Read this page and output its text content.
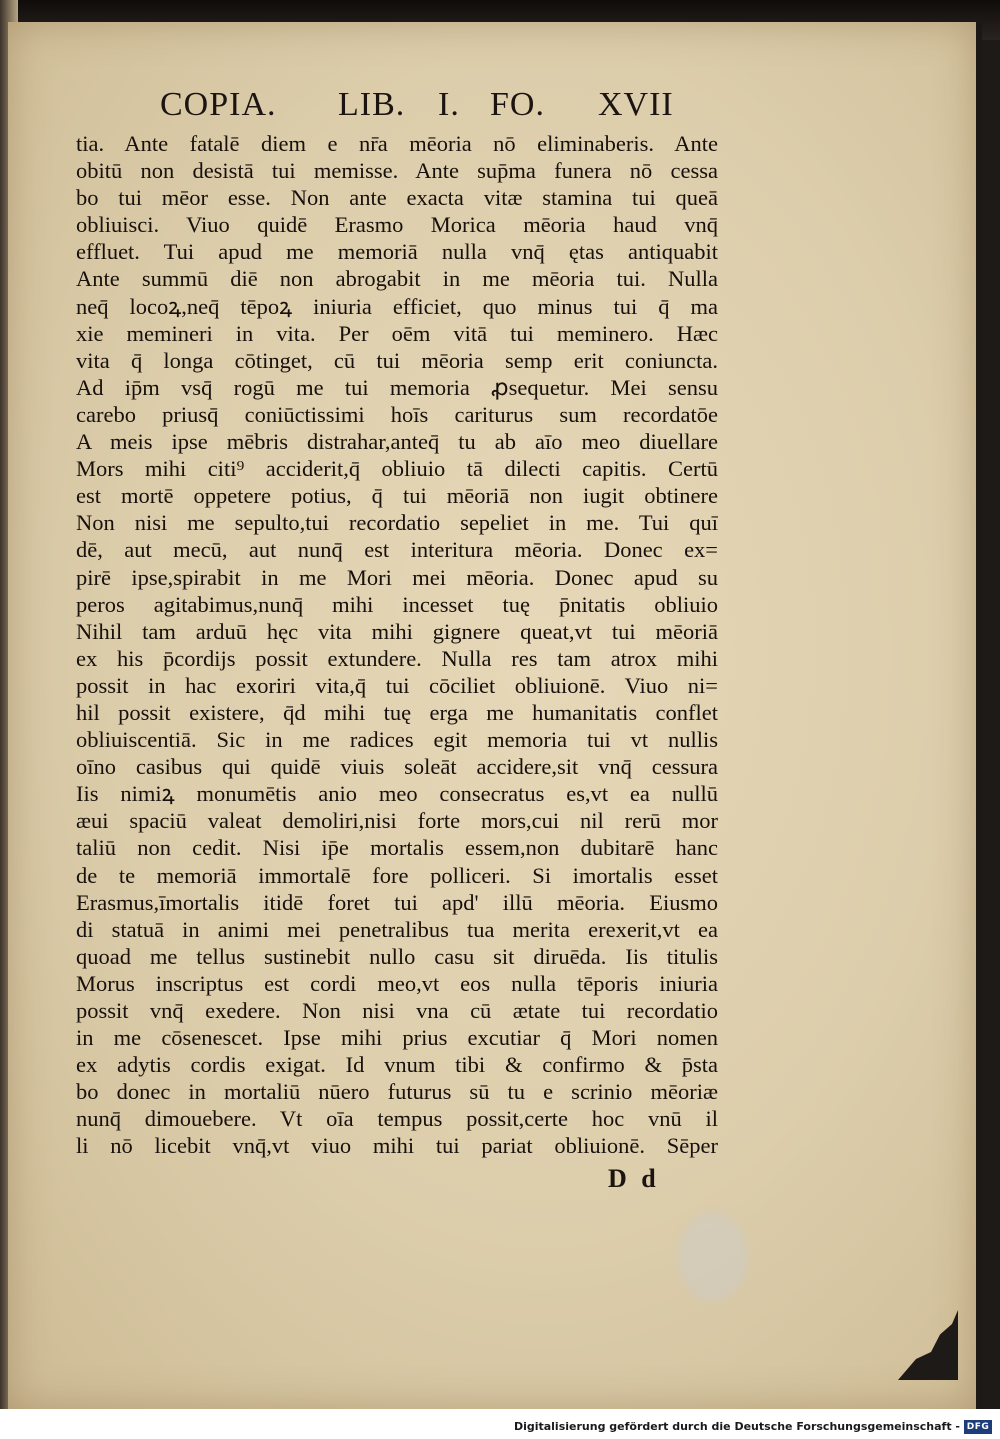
COPIA. LIB. I. FO. XVII
tia. Ante fatalē diem e nr̄a mēoria nō eliminaberis. Ante
obitū non desistā tui memisse. Ante sup̄ma funera nō cessa
bo tui mēor esse. Non ante exacta vitæ stamina tui queā
obliuisci. Viuo quidē Erasmo Morica mēoria haud vnq̄
effluet. Tui apud me memoriā nulla vnq̄ ętas antiquabit
Ante summū diē non abrogabit in me mēoria tui. Nulla
neq̄ locoꝝ,neq̄ tēpoꝝ iniuria efficiet, quo minus tui q̄ ma
xie memineri in vita. Per oēm vitā tui meminero. Hæc
vita q̄ longa cōtinget, cū tui mēoria semp erit coniuncta.
Ad ip̄m vsq̄ rogū me tui memoria ꝓsequetur. Mei sensu
carebo priusq̄ coniūctissimi hoīs cariturus sum recordatōe
A meis ipse mēbris distrahar,anteq̄ tu ab aīo meo diuellare
Mors mihi citi⁹ acciderit,q̄ obliuio tā dilecti capitis. Certū
est mortē oppetere potius, q̄ tui mēoriā non iugit obtinere
Non nisi me sepulto,tui recordatio sepeliet in me. Tui quī
dē, aut mecū, aut nunq̄ est interitura mēoria. Donec ex=
pirē ipse,spirabit in me Mori mei mēoria. Donec apud su
peros agitabimus,nunq̄ mihi incesset tuę p̄nitatis obliuio
Nihil tam arduū hęc vita mihi gignere queat,vt tui mēoriā
ex his p̄cordijs possit extundere. Nulla res tam atrox mihi
possit in hac exoriri vita,q̄ tui cōciliet obliuionē. Viuo ni=
hil possit existere, q̄d mihi tuę erga me humanitatis conflet
obliuiscentiā. Sic in me radices egit memoria tui vt nullis
oīno casibus qui quidē viuis soleāt accidere,sit vnq̄ cessura
Iis nimiꝝ monumētis anio meo consecratus es,vt ea nullū
æui spaciū valeat demoliri,nisi forte mors,cui nil rerū mor
taliū non cedit. Nisi ip̄e mortalis essem,non dubitarē hanc
de te memoriā immortalē fore polliceri. Si imortalis esset
Erasmus,īmortalis itidē foret tui apd' illū mēoria. Eiusmo
di statuā in animi mei penetralibus tua merita erexerit,vt ea
quoad me tellus sustinebit nullo casu sit diruēda. Iis titulis
Morus inscriptus est cordi meo,vt eos nulla tēporis iniuria
possit vnq̄ exedere. Non nisi vna cū ætate tui recordatio
in me cōsenescet. Ipse mihi prius excutiar q̄ Mori nomen
ex adytis cordis exigat. Id vnum tibi & confirmo & p̄sta
bo donec in mortaliū nūero futurus sū tu e scrinio mēoriæ
nunq̄ dimouebere. Vt oīa tempus possit,certe hoc vnū il
li nō licebit vnq̄,vt viuo mihi tui pariat obliuionē. Sēper
D d
Digitalisierung gefördert durch die Deutsche Forschungsgemeinschaft - DFG
